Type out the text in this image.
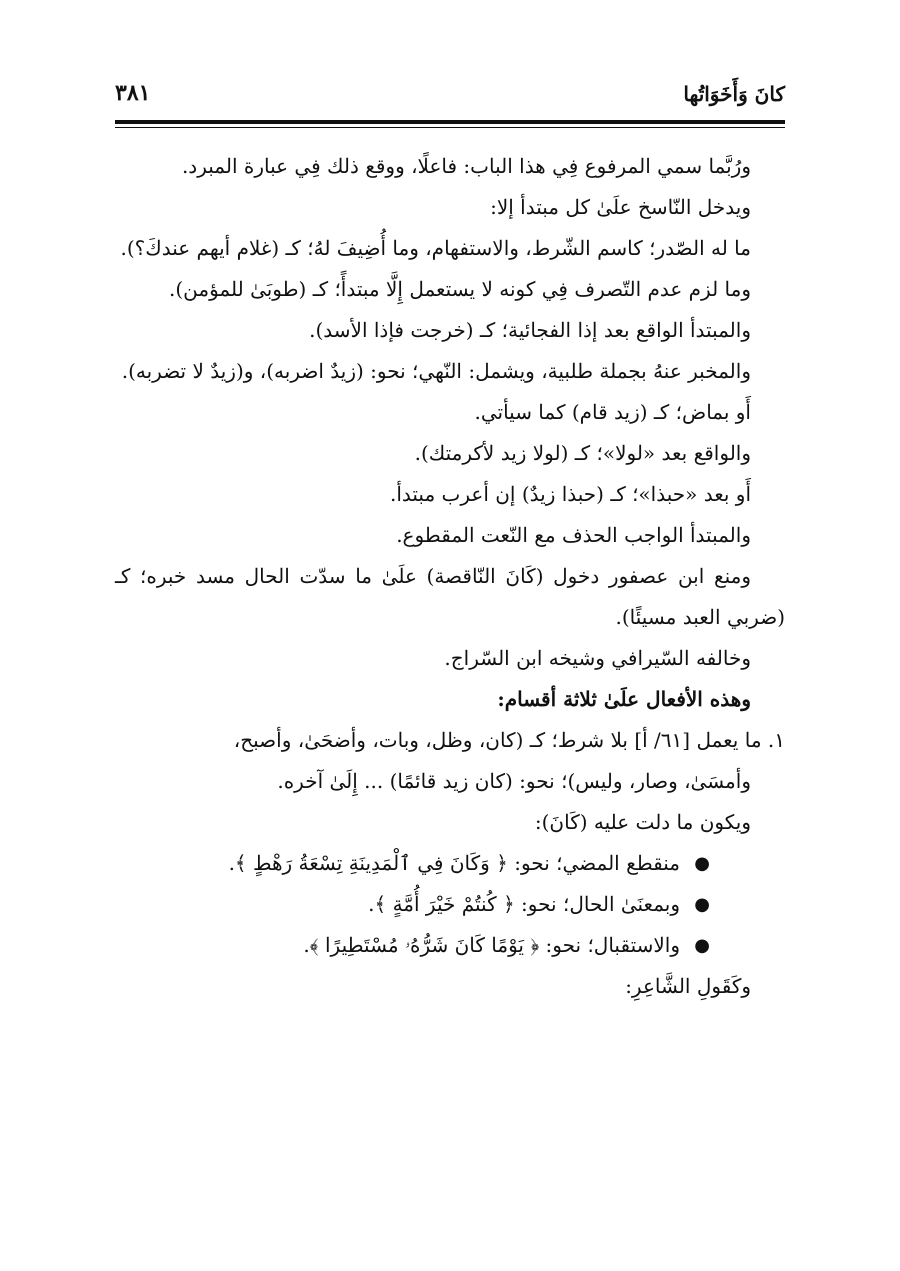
كانَ وَأَخَوَاتُها
٣٨١

ورُبَّما سمي المرفوع فِي هذا الباب: فاعلًا، ووقع ذلك فِي عبارة المبرد.

ويدخل النّاسخ علَىٰ كل مبتدأ إلا:

ما له الصّدر؛ كاسم الشّرط، والاستفهام، وما أُضِيفَ لهُ؛ كـ (غلام أيهم عندكَ؟).

وما لزم عدم التّصرف فِي كونه لا يستعمل إِلَّا مبتدأً؛ كـ (طوبَىٰ للمؤمن).

والمبتدأ الواقع بعد إذا الفجائية؛ كـ (خرجت فإذا الأسد).

والمخبر عنهُ بجملة طلبية، ويشمل: النّهي؛ نحو: (زيدٌ اضربه)، و(زيدٌ لا تضربه).

أَو بماض؛ كـ (زيد قام) كما سيأتي.

والواقع بعد «لولا»؛ كـ (لولا زيد لأكرمتك).

أَو بعد «حبذا»؛ كـ (حبذا زيدٌ) إن أعرب مبتدأ.

والمبتدأ الواجب الحذف مع النّعت المقطوع.

ومنع ابن عصفور دخول (كَانَ النّاقصة) علَىٰ ما سدّت الحال مسد خبره؛ كـ (ضربي العبد مسيئًا).

وخالفه السّيرافي وشيخه ابن السّراج.

وهذه الأفعال علَىٰ ثلاثة أقسام:

١. ما يعمل [٦١/ أ] بلا شرط؛ كـ (كان، وظل، وبات، وأضحَىٰ، وأصبح،
وأمسَىٰ، وصار، وليس)؛ نحو: (كان زيد قائمًا) ... إِلَىٰ آخره.

ويكون ما دلت عليه (كَانَ):

●
منقطع المضي؛ نحو: ﴿ وَكَانَ فِي ٱلْمَدِينَةِ تِسْعَةُ رَهْطٍ ﴾.
●
وبمعنَىٰ الحال؛ نحو: ﴿ كُنتُمْ خَيْرَ أُمَّةٍ ﴾.
●
والاستقبال؛ نحو: ﴿ يَوْمًا كَانَ شَرُّهُۥ مُسْتَطِيرًا ﴾.

وكَقَولِ الشَّاعِرِ:
